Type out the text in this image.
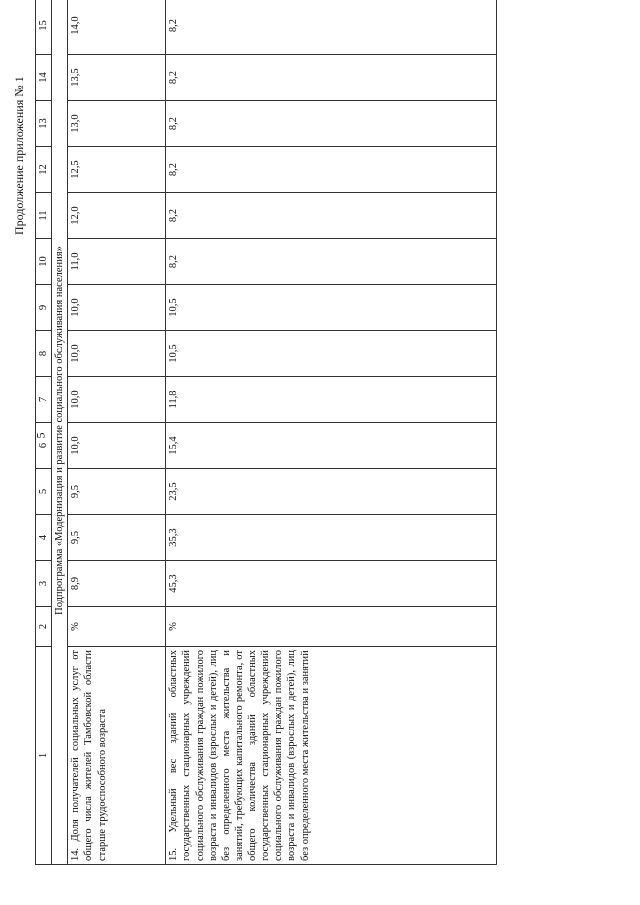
5
Продолжение приложения № 1
1	2	3	4	5	6	7	8	9	10	11	12	13	14	15
Подпрограмма «Модернизация и развитие социального обслуживания населения»														
14. Доля получателей социальных услуг от общего числа жителей Тамбовской области старше трудоспособного возраста	%	8,9	9,5	9,5	10,0	10,0	10,0	10,0	11,0	12,0	12,5	13,0	13,5	14,0
15. Удельный вес зданий областных государственных стационарных учреждений социального обслуживания граждан пожилого возраста и инвалидов (взрослых и детей), лиц без определенного места жительства и занятий, требующих капитального ремонта, от общего количества зданий областных государственных стационарных учреждений социального обслуживания граждан пожилого возраста и инвалидов (взрослых и детей), лиц без определенного места жительства и занятий	%	45,3	35,3	23,5	15,4	11,8	10,5	10,5	8,2	8,2	8,2	8,2	8,2	8,2
